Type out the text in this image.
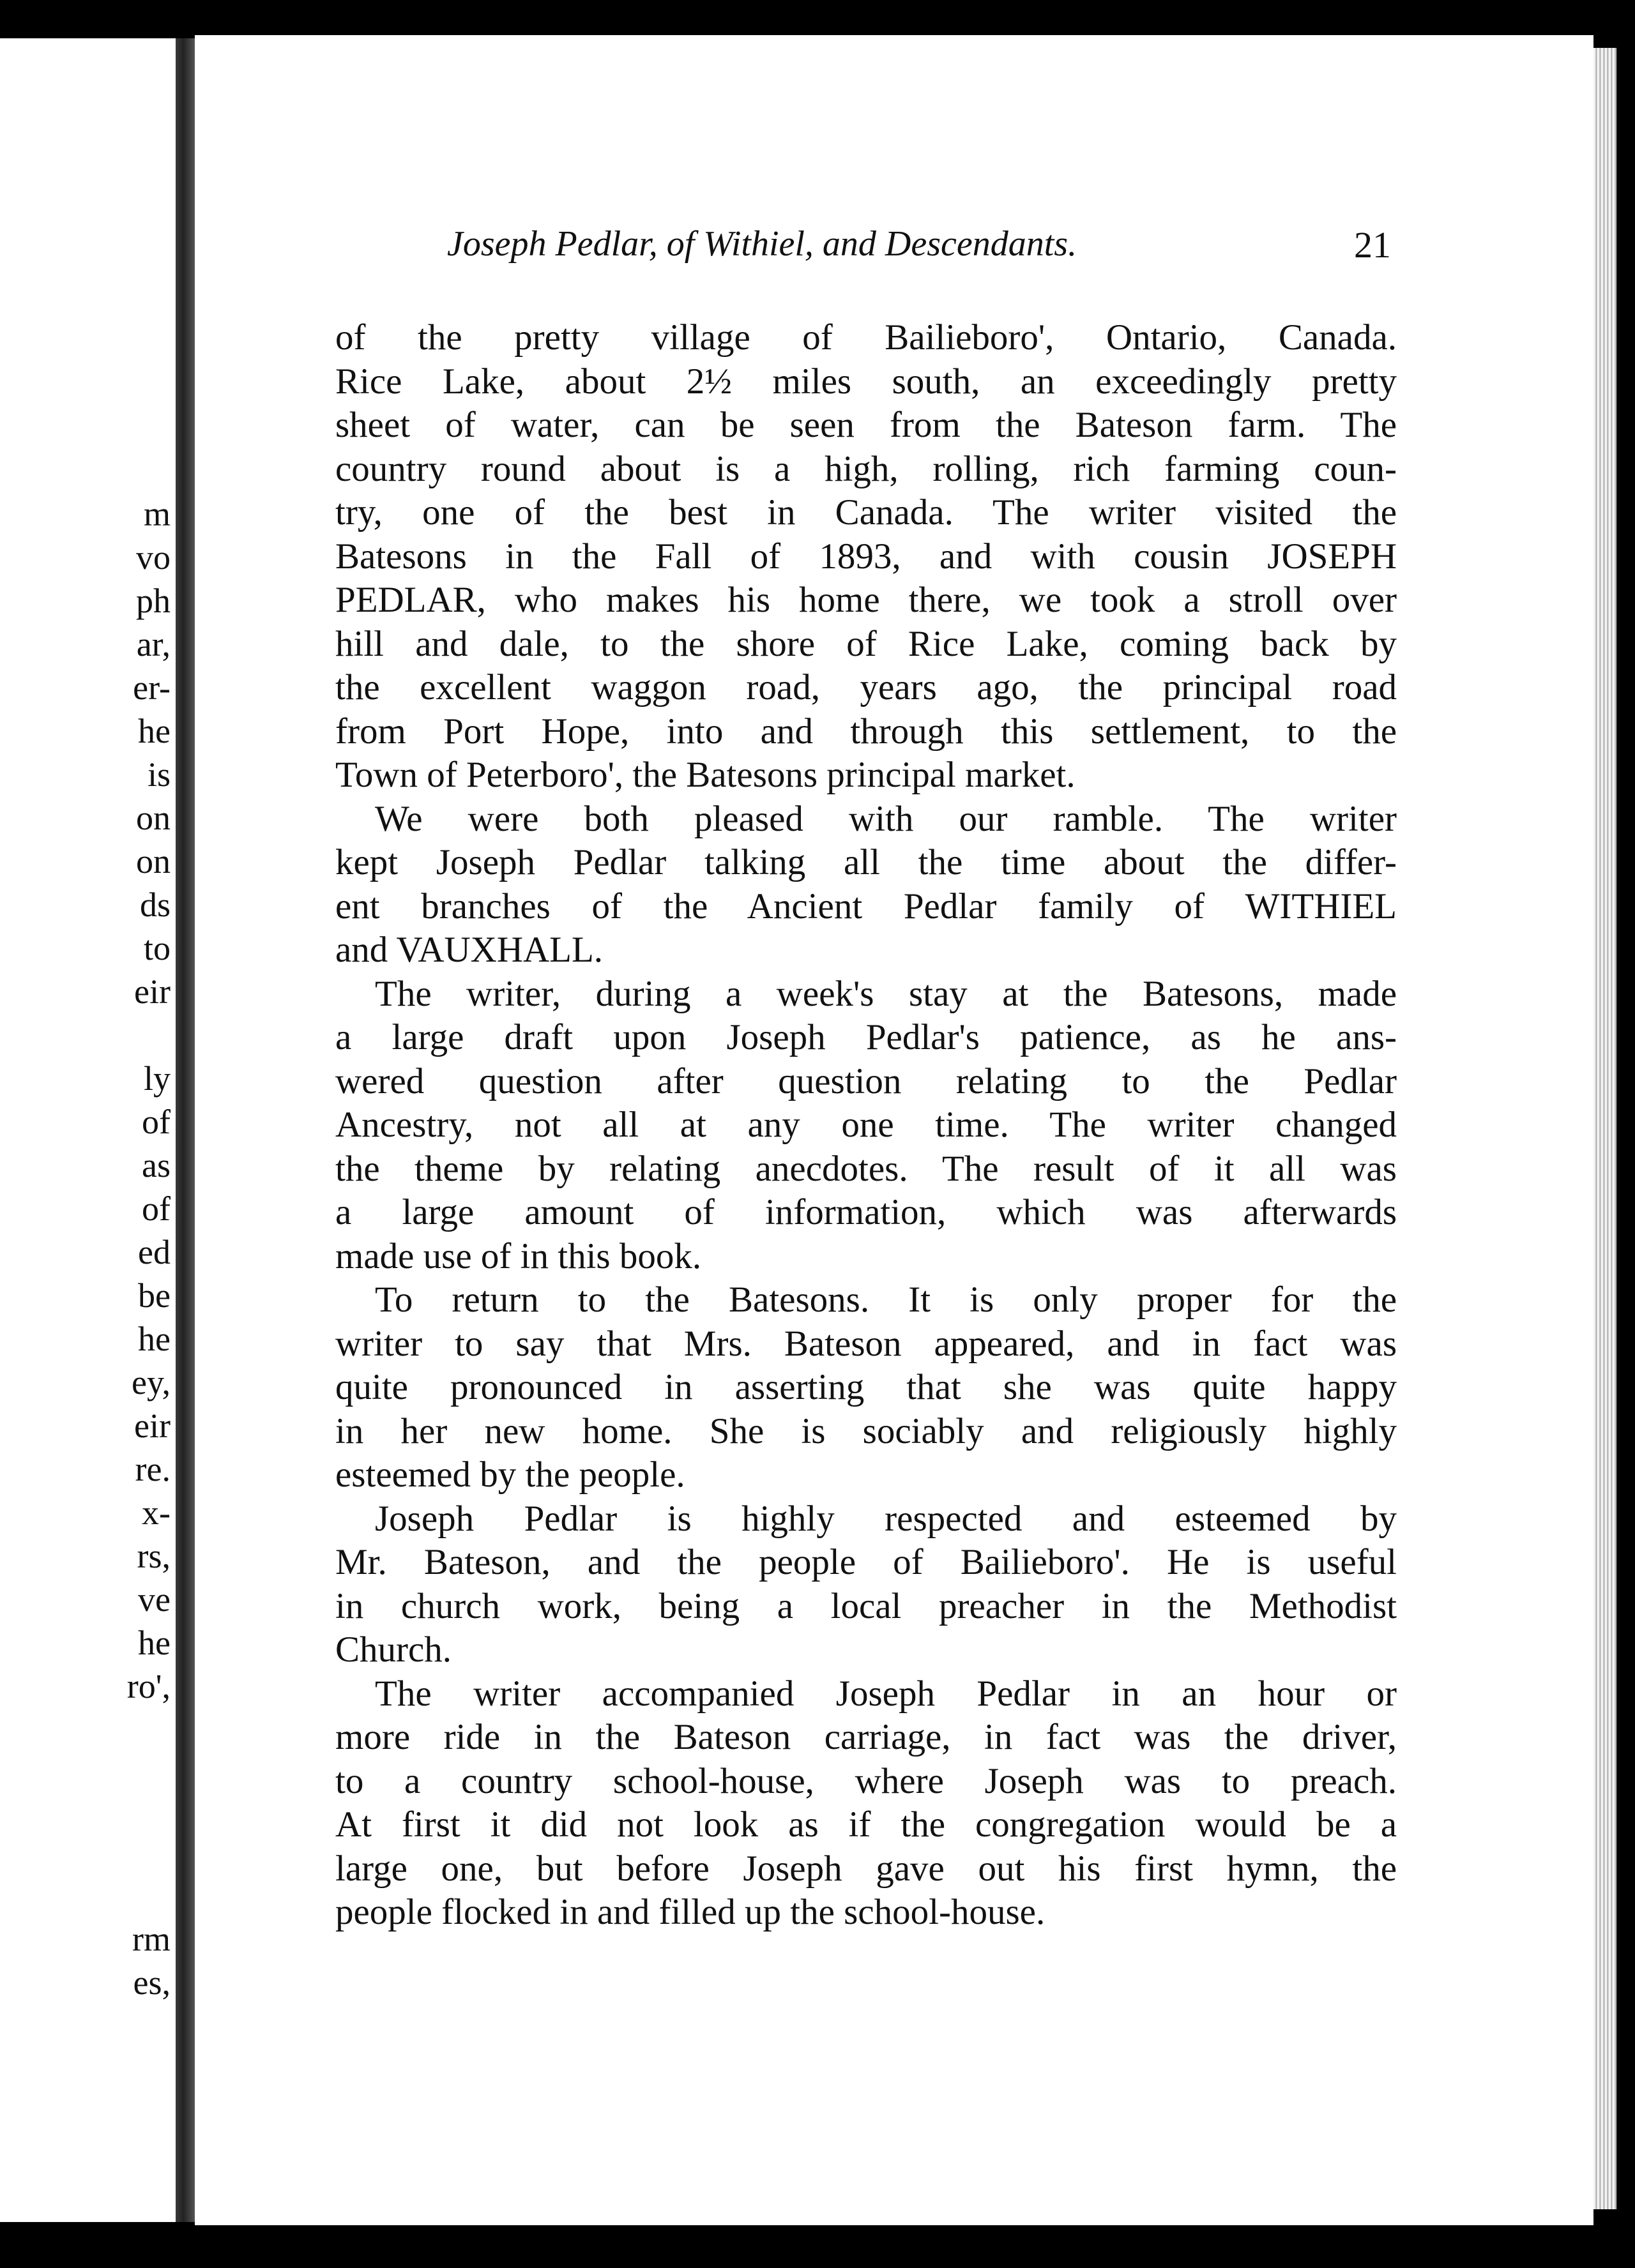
m
vo
ph
ar,
er-
he
is
on
on
ds
to
eir
ly
of
as
of
ed
be
he
ey,
eir
re.
x-
rs,
ve
he
ro',
rm
es,
Joseph Pedlar, of Withiel, and Descendants.	21
of the pretty village of Bailieboro', Ontario, Canada.
Rice Lake, about 2½ miles south, an exceedingly pretty
sheet of water, can be seen from the Bateson farm. The
country round about is a high, rolling, rich farming coun-
try, one of the best in Canada. The writer visited the
Batesons in the Fall of 1893, and with cousin JOSEPH
PEDLAR, who makes his home there, we took a stroll over
hill and dale, to the shore of Rice Lake, coming back by
the excellent waggon road, years ago, the principal road
from Port Hope, into and through this settlement, to the
Town of Peterboro', the Batesons principal market.
We were both pleased with our ramble. The writer
kept Joseph Pedlar talking all the time about the differ-
ent branches of the Ancient Pedlar family of WITHIEL
and VAUXHALL.
The writer, during a week's stay at the Batesons, made
a large draft upon Joseph Pedlar's patience, as he ans-
wered question after question relating to the Pedlar
Ancestry, not all at any one time. The writer changed
the theme by relating anecdotes. The result of it all was
a large amount of information, which was afterwards
made use of in this book.
To return to the Batesons. It is only proper for the
writer to say that Mrs. Bateson appeared, and in fact was
quite pronounced in asserting that she was quite happy
in her new home. She is sociably and religiously highly
esteemed by the people.
Joseph Pedlar is highly respected and esteemed by
Mr. Bateson, and the people of Bailieboro'. He is useful
in church work, being a local preacher in the Methodist
Church.
The writer accompanied Joseph Pedlar in an hour or
more ride in the Bateson carriage, in fact was the driver,
to a country school-house, where Joseph was to preach.
At first it did not look as if the congregation would be a
large one, but before Joseph gave out his first hymn, the
people flocked in and filled up the school-house.
